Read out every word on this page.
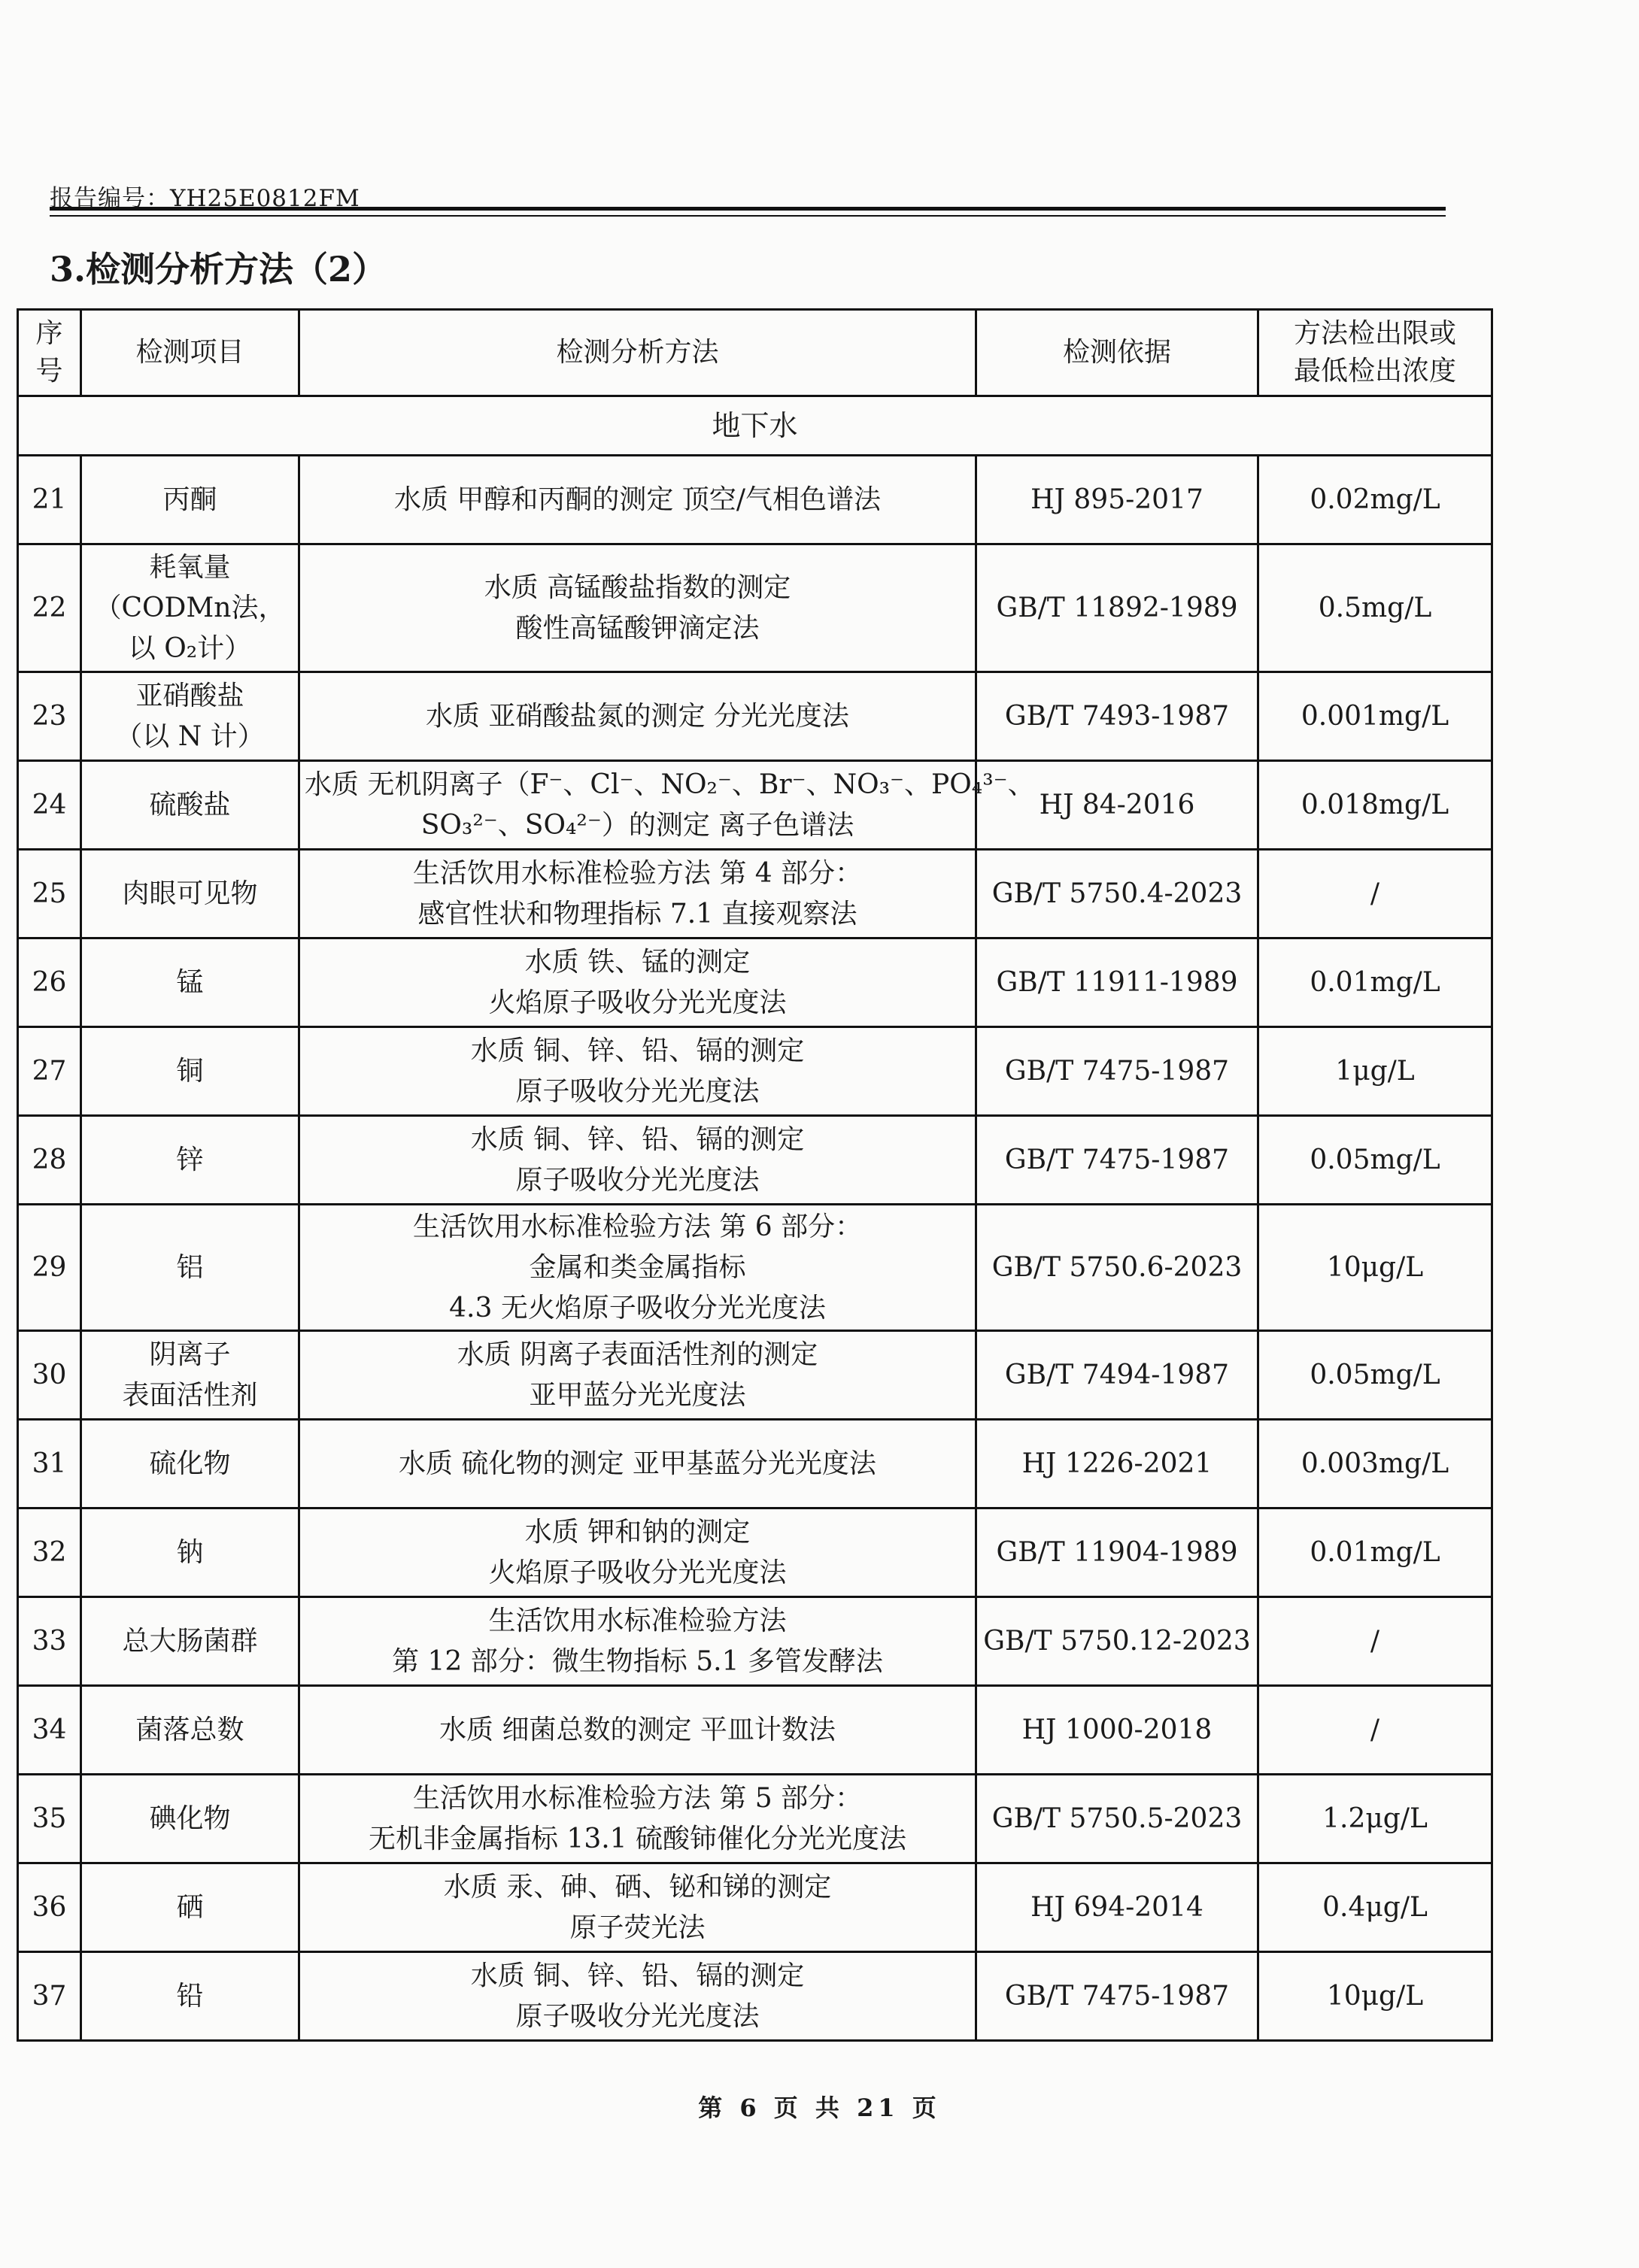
报告编号：YH25E0812FM
3.检测分析方法（2）
序
号	检测项目	检测分析方法	检测依据	方法检出限或
最低检出浓度

地下水				
21	丙酮	水质 甲醇和丙酮的测定 顶空/气相色谱法	HJ 895-2017	0.02mg/L
22	耗氧量
（CODMn法，
以 O₂计）	水质 高锰酸盐指数的测定
酸性高锰酸钾滴定法	GB/T 11892-1989	0.5mg/L
23	亚硝酸盐
（以 N 计）	水质 亚硝酸盐氮的测定 分光光度法	GB/T 7493-1987	0.001mg/L
24	硫酸盐	水质 无机阴离子（F⁻、Cl⁻、NO₂⁻、Br⁻、NO₃⁻、PO₄³⁻、
SO₃²⁻、SO₄²⁻）的测定 离子色谱法	HJ 84-2016	0.018mg/L
25	肉眼可见物	生活饮用水标准检验方法 第 4 部分：
感官性状和物理指标 7.1 直接观察法	GB/T 5750.4-2023	/
26	锰	水质 铁、锰的测定
火焰原子吸收分光光度法	GB/T 11911-1989	0.01mg/L
27	铜	水质 铜、锌、铅、镉的测定
原子吸收分光光度法	GB/T 7475-1987	1μg/L
28	锌	水质 铜、锌、铅、镉的测定
原子吸收分光光度法	GB/T 7475-1987	0.05mg/L
29	铝	生活饮用水标准检验方法 第 6 部分：
金属和类金属指标
4.3 无火焰原子吸收分光光度法	GB/T 5750.6-2023	10μg/L
30	阴离子
表面活性剂	水质 阴离子表面活性剂的测定
亚甲蓝分光光度法	GB/T 7494-1987	0.05mg/L
31	硫化物	水质 硫化物的测定 亚甲基蓝分光光度法	HJ 1226-2021	0.003mg/L
32	钠	水质 钾和钠的测定
火焰原子吸收分光光度法	GB/T 11904-1989	0.01mg/L
33	总大肠菌群	生活饮用水标准检验方法
第 12 部分：微生物指标 5.1 多管发酵法	GB/T 5750.12-2023	/
34	菌落总数	水质 细菌总数的测定 平皿计数法	HJ 1000-2018	/
35	碘化物	生活饮用水标准检验方法 第 5 部分：
无机非金属指标 13.1 硫酸铈催化分光光度法	GB/T 5750.5-2023	1.2μg/L
36	硒	水质 汞、砷、硒、铋和锑的测定
原子荧光法	HJ 694-2014	0.4μg/L
37	铅	水质 铜、锌、铅、镉的测定
原子吸收分光光度法	GB/T 7475-1987	10μg/L
第 6 页 共 21 页
